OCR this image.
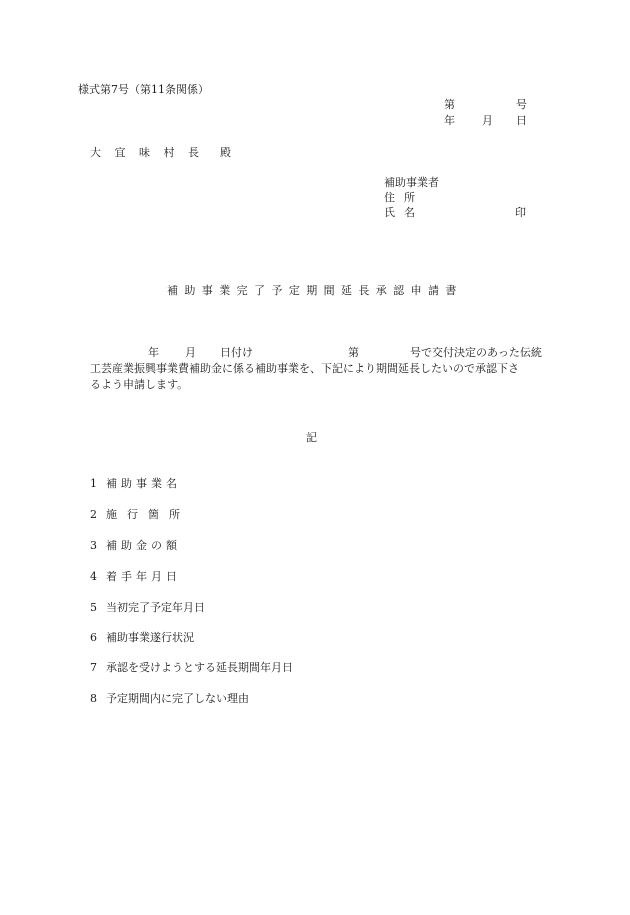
様式第7号（第11条関係）
第	号
年 月 日
大 宜 味 村 長　殿
補助事業者
住所
氏名	印
補助事業完了予定期間延長承認申請書
年 月 日付け	第	号で交付決定のあった伝統
工芸産業振興事業費補助金に係る補助事業を、下記により期間延長したいので承認下さ
るよう申請します。
記
1 補助事業名
2 施行箇所
3 補助金の額
4 着手年月日
5 当初完了予定年月日
6 補助事業遂行状況
7 承認を受けようとする延長期間年月日
8 予定期間内に完了しない理由
